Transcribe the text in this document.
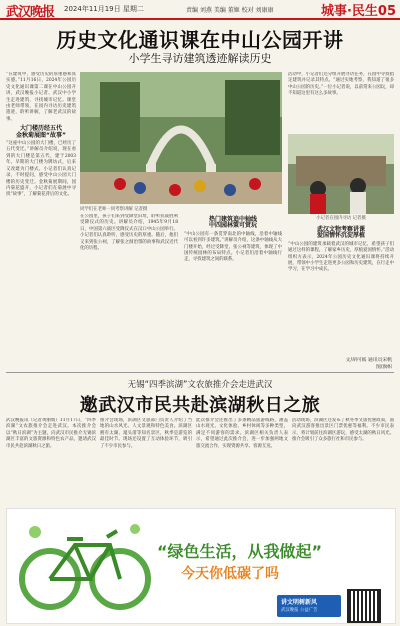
武汉晚报 2024年11月19日 星期二	责编 刘燕 美编 董姬 校对 刘康康	城事·民生05
历史文化通识课在中山公园开讲
小学生寻访建筑透迹解读历史
“在建筑中，感受历史的厚重感和真实感。”11月16日，2024年公园历史文化通识课第二课在中山公园开讲，武汉晚报小记者、武汉中小学生走进建筑，寻找城市记忆。课堂由老师带领，在园内寻访历史建筑遗迹，聆听讲解，了解老武汉的故事。
大门楼历经五代
金秋菊展图“故事”
“这座中山公园的大门楼，已经历了五代变迁。”讲解员介绍说，现在看到的大门楼是第五代，建于2003年。早期的大门楼为牌坊式，后来又改建为门楼式。小记者们认真记录，不时提问，感受中山公园大门楼的历史变迁。金秋菊展期间，园内菊花盛开，小记者们在菊展中寻找“故事”，了解菊花背后的文化。
同学们在老师一同考察讲解 记者摄
在公园里，孩子们来到受降堂旧址，聆听抗战胜利受降仪式的历史。讲解员介绍，1945年9月18日，中国第六战区受降仪式在汉口中山公园举行。小记者们认真聆听，感受历史的厚重。随后，他们又来到张公祠，了解张之洞治鄂的故事和武汉近代化的历程。
热门建筑追中轴线
中四园林策可赏玩
“中山公园有一条贯穿南北的中轴线，沿着中轴线可以看到许多建筑。”讲解员介绍，这条中轴线从大门楼开始，经过受降堂、张公祠等建筑，体现了中国传统园林的布局特点。小记者们沿着中轴线行走，寻找建筑之间的联系。
活动中，小记者们还分组开展寻访任务，在园中寻找指定建筑并记录其特点。“通过实地考察，我知道了很多中山公园的历史。”一位小记者说，以前常来公园玩，却不知道这里有这么多故事。
小记者在园内寻访 记者摄
武汉文物考察讲课
爱国情怀沉淀厚植
“中山公园的建筑承载着武汉的城市记忆，希望孩子们通过这样的课程，了解家乡历史，厚植爱国情怀。”活动组织方表示，2024年公园历史文化通识课将持续开展，带领中小学生走进更多公园和历史建筑，在行走中学习，在学习中成长。
文/胡可嫣 通讯员宋帆
图/旗帜
无锡“四季滨湖”文农旅推介会走进武汉
邀武汉市民共赴滨湖秋日之旅
武汉晚报讯（记者黄丽娟）11月17日，“四季滨湖”文农旅推介会走进武汉。本次推介会以“秋日滨湖”为主题，向武汉市民推介无锡滨湖区丰富的文旅资源和特色农产品，邀请武汉市民共赴滨湖秋日之旅。
推介会现场，滨湖区文旅部门负责人介绍了当地的山水风光、人文景观和特色美食。滨湖区拥有太湖、鼋头渚等知名景区，秋季是游览的最佳时节。现场还设置了互动体验环节，吸引了不少市民参与。
此次推介会还推出了多条精品旅游线路，涵盖山水观光、文化体验、乡村休闲等多种类型，满足不同游客的需求。滨湖区相关负责人表示，希望通过此次推介会，进一步加强两地文旅交流合作，实现资源共享、客源互送。
活动现场，滨湖区还发布了秋冬季文旅优惠政策，面向武汉游客推出景区门票优惠等福利。不少市民表示，将计划前往滨湖区游玩，感受太湖的秋日风光。推介会吸引了众多旅行社和市民参与。
“绿色生活，从我做起”
今天你低碳了吗
讲文明树新风
武汉晚报 公益广告
